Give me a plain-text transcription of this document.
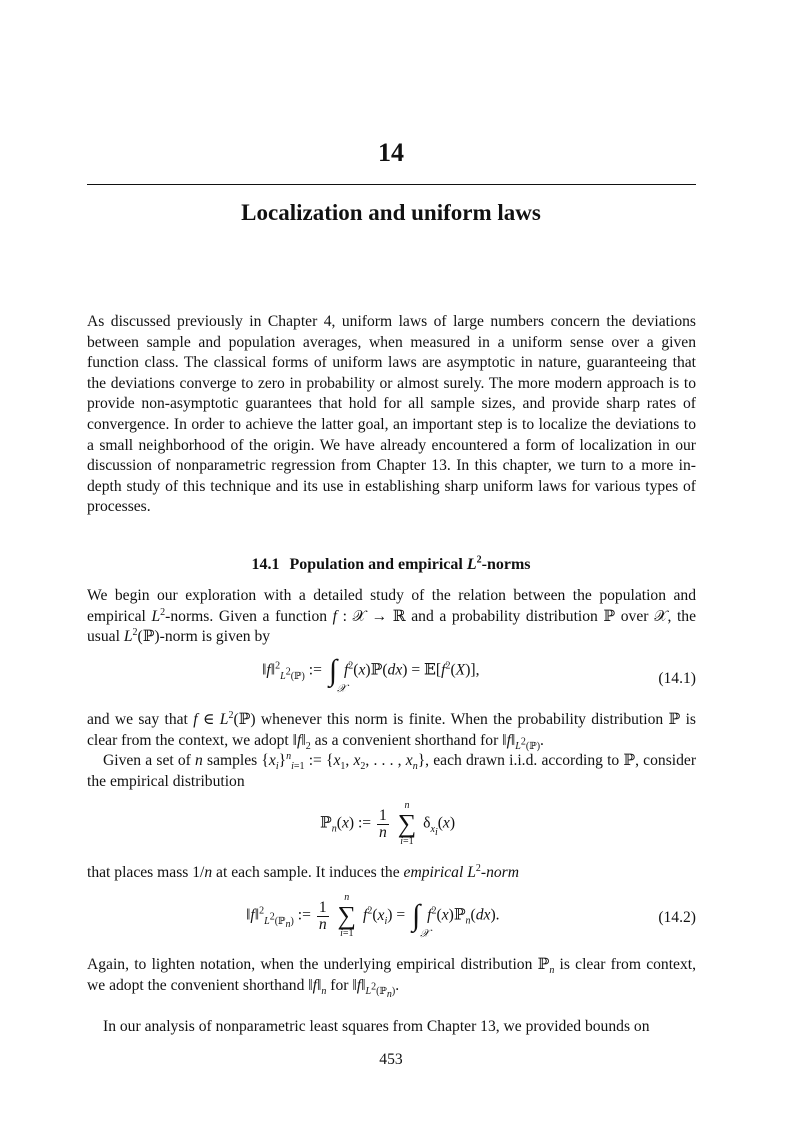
14
Localization and uniform laws

As discussed previously in Chapter 4, uniform laws of large numbers concern the deviations between sample and population averages, when measured in a uniform sense over a given function class. The classical forms of uniform laws are asymptotic in nature, guaranteeing that the deviations converge to zero in probability or almost surely. The more modern approach is to provide non-asymptotic guarantees that hold for all sample sizes, and provide sharp rates of convergence. In order to achieve the latter goal, an important step is to localize the deviations to a small neighborhood of the origin. We have already encountered a form of localization in our discussion of nonparametric regression from Chapter 13. In this chapter, we turn to a more in-depth study of this technique and its use in establishing sharp uniform laws for various types of processes.

14.1 Population and empirical $L^2$-norms

We begin our exploration with a detailed study of the relation between the population and empirical $L^2$-norms. Given a function f : 𝒳 → ℝ and a probability distribution ℙ over 𝒳, the usual $L^2(ℙ)$-norm is given by

‖f‖$^2_{L^2(ℙ)}$ := ∫
𝒳
$f^2(x)ℙ(dx)$ = $𝔼[f^2(X)]$,	(14.1)

and we say that f ∈ $L^2(ℙ)$ whenever this norm is finite. When the probability distribution ℙ is clear from the context, we adopt $‖f‖_2$ as a convenient shorthand for $‖f‖_{L^2(ℙ)}$.

Given a set of n samples $\{x_i\}^n_{i=1}$ := {$x_1$, $x_2$, . . . , $x_n$}, each drawn i.i.d. according to ℙ, consider the empirical distribution

ℙ$_n$(x) := $\frac{1}{n}$

n
∑
i=1
$\delta_{x_i}(x)$

that places mass 1/n at each sample. It induces the empirical $L^2$-norm

‖f‖$^2_{L^2(ℙ_n)}$ := $\frac{1}{n}$

n
∑
i=1
$f^2(x_i)$ = ∫
𝒳
$f^2(x)ℙ_n(dx)$.	(14.2)

Again, to lighten notation, when the underlying empirical distribution ℙ$_n$ is clear from context, we adopt the convenient shorthand $‖f‖_n$ for $‖f‖_{L^2(ℙ_n)}$.

In our analysis of nonparametric least squares from Chapter 13, we provided bounds on

453
